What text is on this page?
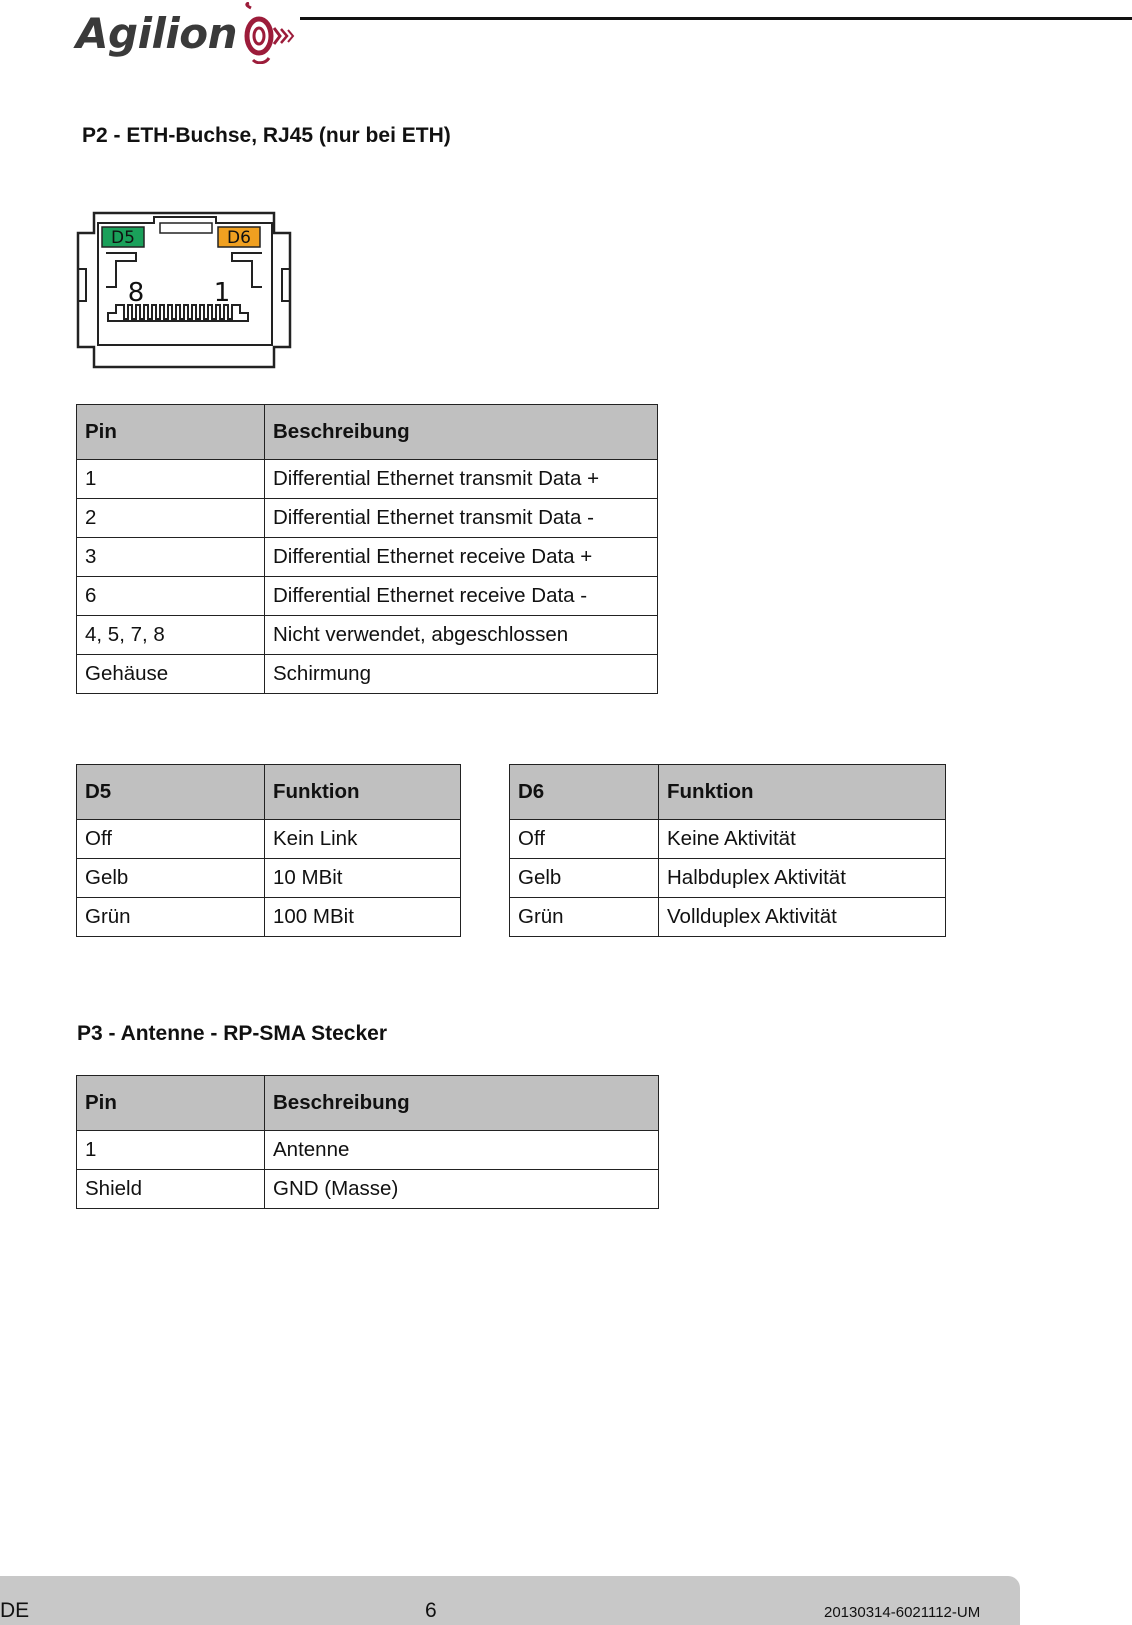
Agilion
P2 - ETH-Buchse, RJ45 (nur bei ETH)
D5	D6
8	1
Pin	Beschreibung
1	Differential Ethernet transmit Data +
2	Differential Ethernet transmit Data -
3	Differential Ethernet receive Data +
6	Differential Ethernet receive Data -
4, 5, 7, 8	Nicht verwendet, abgeschlossen
Gehäuse	Schirmung
D5	Funktion
Off	Kein Link
Gelb	10 MBit
Grün	100 MBit
D6	Funktion
Off	Keine Aktivität
Gelb	Halbduplex Aktivität
Grün	Vollduplex Aktivität
P3 - Antenne - RP-SMA Stecker
Pin	Beschreibung
1	Antenne
Shield	GND (Masse)
DE	6	20130314-6021112-UM
